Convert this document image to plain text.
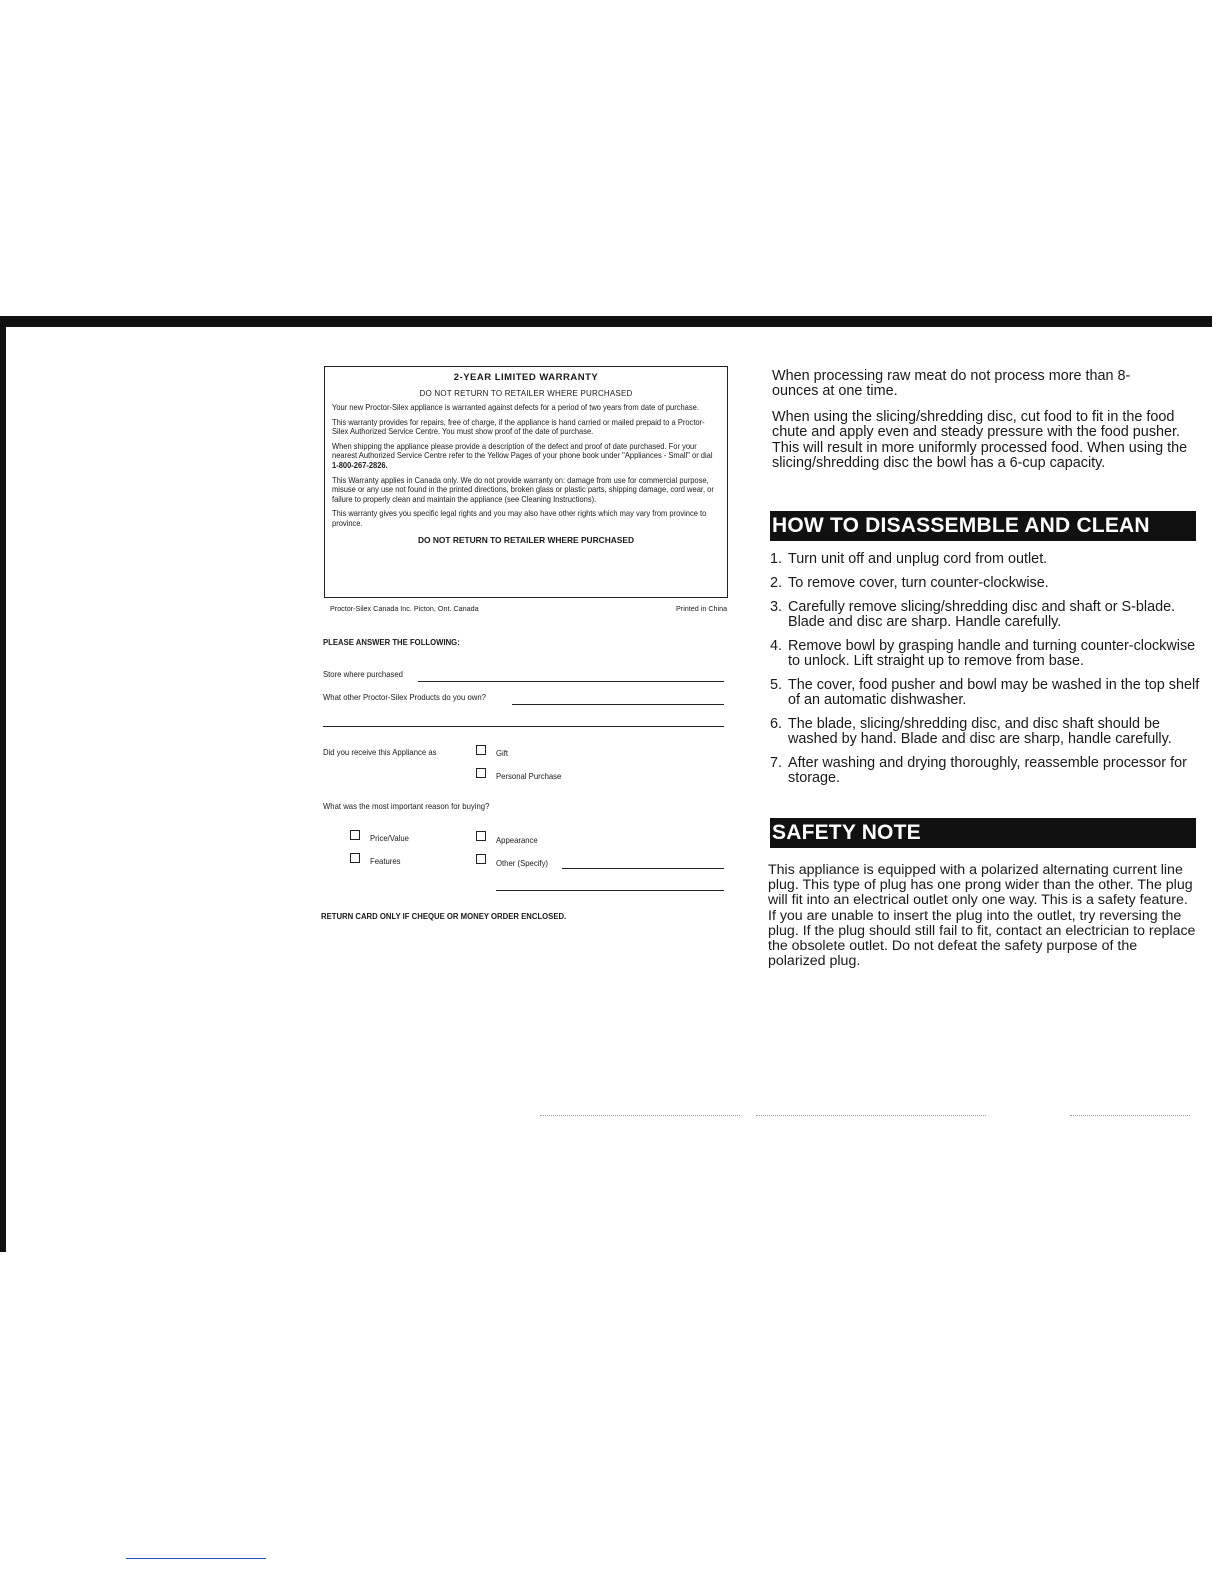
2-YEAR LIMITED WARRANTY
DO NOT RETURN TO RETAILER WHERE PURCHASED
Your new Proctor-Silex appliance is warranted against defects for a period of two years from date of purchase.
This warranty provides for repairs, free of charge, if the appliance is hand carried or mailed prepaid to a Proctor-Silex Authorized Service Centre. You must show proof of the date of purchase.
When shipping the appliance please provide a description of the defect and proof of date purchased. For your nearest Authorized Service Centre refer to the Yellow Pages of your phone book under "Appliances - Small" or dial 1-800-267-2826.
This Warranty applies in Canada only. We do not provide warranty on: damage from use for commercial purpose, misuse or any use not found in the printed directions, broken glass or plastic parts, shipping damage, cord wear, or failure to properly clean and maintain the appliance (see Cleaning Instructions).
This warranty gives you specific legal rights and you may also have other rights which may vary from province to province.
DO NOT RETURN TO RETAILER WHERE PURCHASED
Proctor-Silex Canada Inc. Picton, Ont. Canada	Printed in China
PLEASE ANSWER THE FOLLOWING:
Store where purchased
What other Proctor-Silex Products do you own?
Did you receive this Appliance as	Gift
Personal Purchase
What was the most important reason for buying?
Price/Value	Appearance
Features	Other (Specify)
RETURN CARD ONLY IF CHEQUE OR MONEY ORDER ENCLOSED.
When processing raw meat do not process more than 8-ounces at one time.
When using the slicing/shredding disc, cut food to fit in the food chute and apply even and steady pressure with the food pusher. This will result in more uniformly processed food. When using the slicing/shredding disc the bowl has a 6-cup capacity.
HOW TO DISASSEMBLE AND CLEAN
1. Turn unit off and unplug cord from outlet.
2. To remove cover, turn counter-clockwise.
3. Carefully remove slicing/shredding disc and shaft or S-blade. Blade and disc are sharp. Handle carefully.
4. Remove bowl by grasping handle and turning counter-clockwise to unlock. Lift straight up to remove from base.
5. The cover, food pusher and bowl may be washed in the top shelf of an automatic dishwasher.
6. The blade, slicing/shredding disc, and disc shaft should be washed by hand. Blade and disc are sharp, handle carefully.
7. After washing and drying thoroughly, reassemble processor for storage.
SAFETY NOTE
This appliance is equipped with a polarized alternating current line plug. This type of plug has one prong wider than the other. The plug will fit into an electrical outlet only one way. This is a safety feature. If you are unable to insert the plug into the outlet, try reversing the plug. If the plug should still fail to fit, contact an electrician to replace the obsolete outlet. Do not defeat the safety purpose of the polarized plug.
